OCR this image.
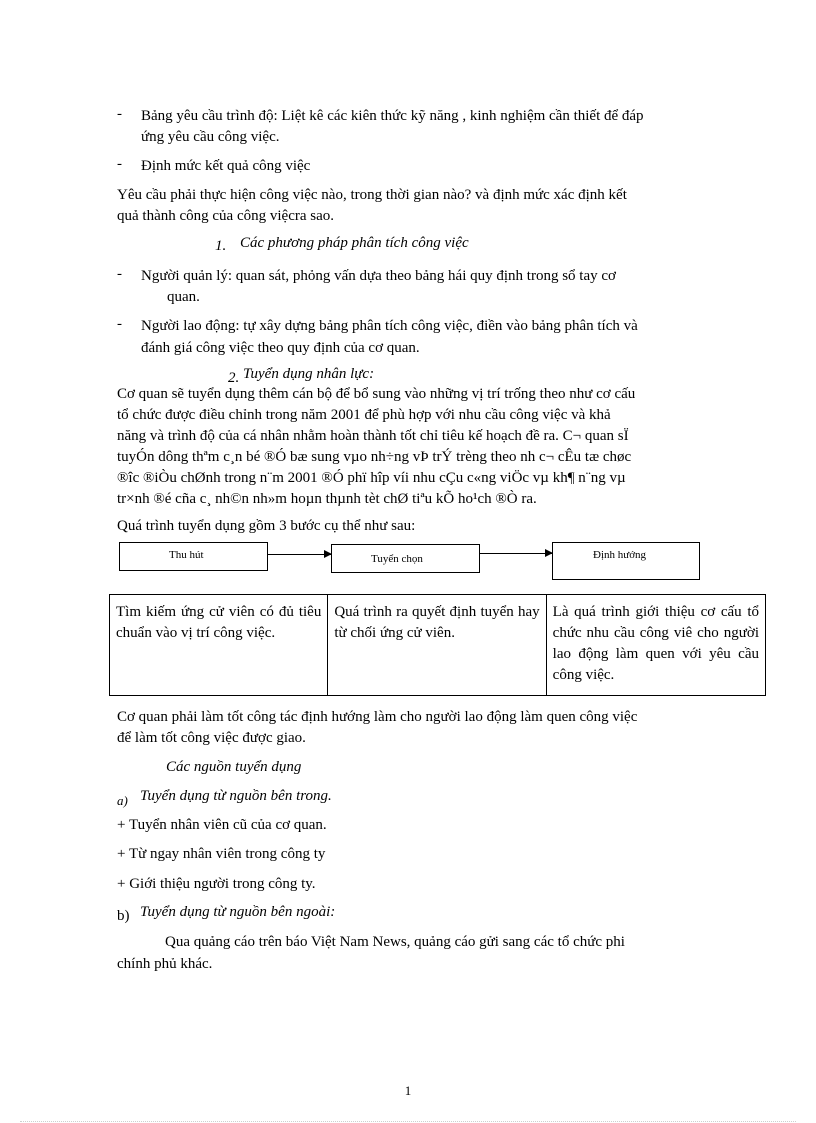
- Bảng yêu cầu trình độ: Liệt kê các kiên thức kỹ năng , kinh nghiệm cần thiết để đáp
ứng yêu cầu công việc.
- Định mức kết quả công việc
Yêu cầu phải thực hiện công việc nào, trong thời gian nào? và định mức xác định kết
quả thành công của công việcra sao.
1. Các phương pháp phân tích công việc
- Người quản lý: quan sát, phỏng vấn dựa theo bảng hái quy định trong sổ tay cơ
quan.
- Người lao động: tự xây dựng bảng phân tích công việc, điền vào bảng phân tích và
đánh giá công việc theo quy định của cơ quan.
2. Tuyển dụng nhân lực:
Cơ quan sẽ tuyển dụng thêm cán bộ để bổ sung vào những vị trí trống theo như cơ cấu
tổ chức được điều chỉnh trong năm 2001 để phù hợp với nhu cầu công việc và khả
năng và trình độ của cá nhân nhằm hoàn thành tốt chỉ tiêu kế hoạch đề ra. C¬ quan sÏ
tuyÓn dông thªm c¸n bé ®Ó bæ sung vµo nh÷ng vÞ trÝ trèng theo nh c¬ cÊu tæ chøc
®îc ®iÒu chØnh trong n¨m 2001 ®Ó phï hîp víi nhu cÇu c«ng viÖc vµ kh¶ n¨ng vµ
tr×nh ®é cña c¸ nh©n nh»m hoµn thµnh tèt chØ tiªu kÕ ho¹ch ®Ò ra.
Quá trình tuyển dụng gồm 3 bước cụ thể như sau:
Thu hút	Tuyển chọn	Định hướng
Tìm kiếm ứng cử viên có đủ tiêu chuẩn vào vị trí công việc.	Quá trình ra quyết định tuyển hay từ chối ứng cử viên.	Là quá trình giới thiệu cơ cấu tổ chức nhu cầu công viê cho người lao động làm quen với yêu cầu công việc.
Cơ quan phải làm tốt công tác định hướng làm cho người lao động làm quen công việc
để làm tốt công việc được giao.
Các nguồn tuyển dụng
a) Tuyển dụng từ nguồn bên trong.
+ Tuyển nhân viên cũ của cơ quan.
+ Từ ngay nhân viên trong công ty
+ Giới thiệu người trong công ty.
b) Tuyển dụng từ nguồn bên ngoài:
Qua quảng cáo trên báo Việt Nam News, quảng cáo gửi sang các tổ chức phi
chính phủ khác.
1
